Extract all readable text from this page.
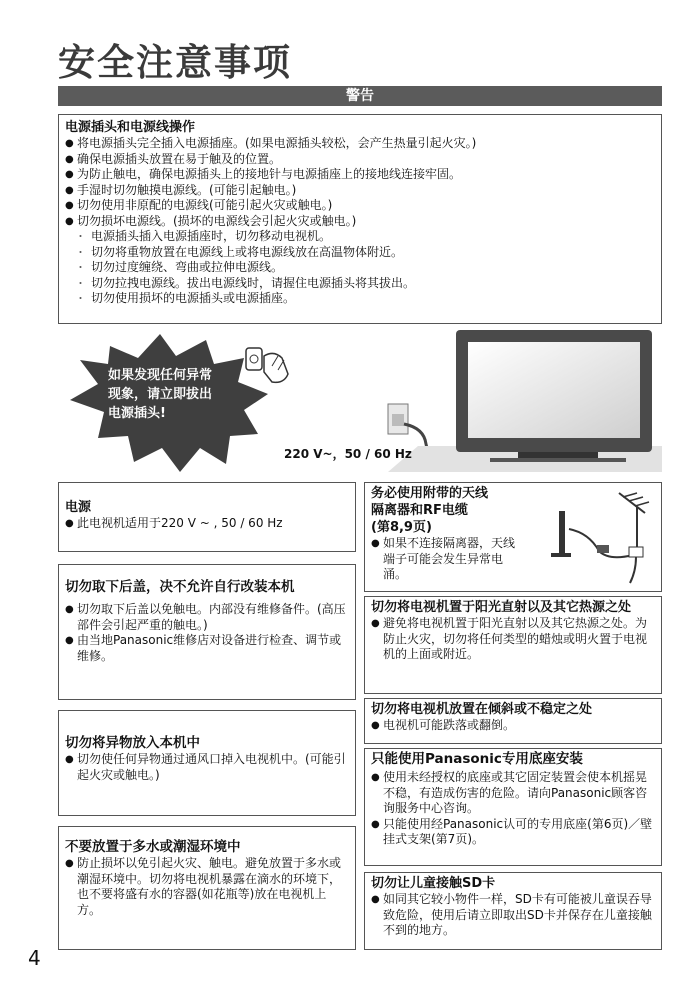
安全注意事项
警告
电源插头和电源线操作
● 将电源插头完全插入电源插座。(如果电源插头较松，会产生热量引起火灾。)
● 确保电源插头放置在易于触及的位置。
● 为防止触电，确保电源插头上的接地针与电源插座上的接地线连接牢固。
● 手湿时切勿触摸电源线。(可能引起触电。)
● 切勿使用非原配的电源线(可能引起火灾或触电。)
● 切勿损坏电源线。(损坏的电源线会引起火灾或触电。)
・ 电源插头插入电源插座时，切勿移动电视机。
・ 切勿将重物放置在电源线上或将电源线放在高温物体附近。
・ 切勿过度缠绕、弯曲或拉伸电源线。
・ 切勿拉拽电源线。拔出电源线时，请握住电源插头将其拔出。
・ 切勿使用损坏的电源插头或电源插座。
如果发现任何异常
现象，请立即拔出
电源插头!
220 V~，50 / 60 Hz
电源
● 此电视机适用于220 V ~ , 50 / 60 Hz
切勿取下后盖，决不允许自行改装本机
● 切勿取下后盖以免触电。内部没有维修备件。(高压部件会引起严重的触电。)
● 由当地Panasonic维修店对设备进行检查、调节或维修。
切勿将异物放入本机中
● 切勿使任何异物通过通风口掉入电视机中。(可能引起火灾或触电。)
不要放置于多水或潮湿环境中
● 防止损坏以免引起火灾、触电。避免放置于多水或潮湿环境中。切勿将电视机暴露在滴水的环境下，也不要将盛有水的容器(如花瓶等)放在电视机上方。
务必使用附带的天线
隔离器和RF电缆
(第8,9页)
● 如果不连接隔离器，天线端子可能会发生异常电涌。
切勿将电视机置于阳光直射以及其它热源之处
● 避免将电视机置于阳光直射以及其它热源之处。为防止火灾，切勿将任何类型的蜡烛或明火置于电视机的上面或附近。
切勿将电视机放置在倾斜或不稳定之处
● 电视机可能跌落或翻倒。
只能使用Panasonic专用底座安装
● 使用未经授权的底座或其它固定装置会使本机摇晃不稳，有造成伤害的危险。请向Panasonic顾客咨询服务中心咨询。
● 只能使用经Panasonic认可的专用底座(第6页)／壁挂式支架(第7页)。
切勿让儿童接触SD卡
● 如同其它较小物件一样，SD卡有可能被儿童误吞导致危险，使用后请立即取出SD卡并保存在儿童接触不到的地方。
4
